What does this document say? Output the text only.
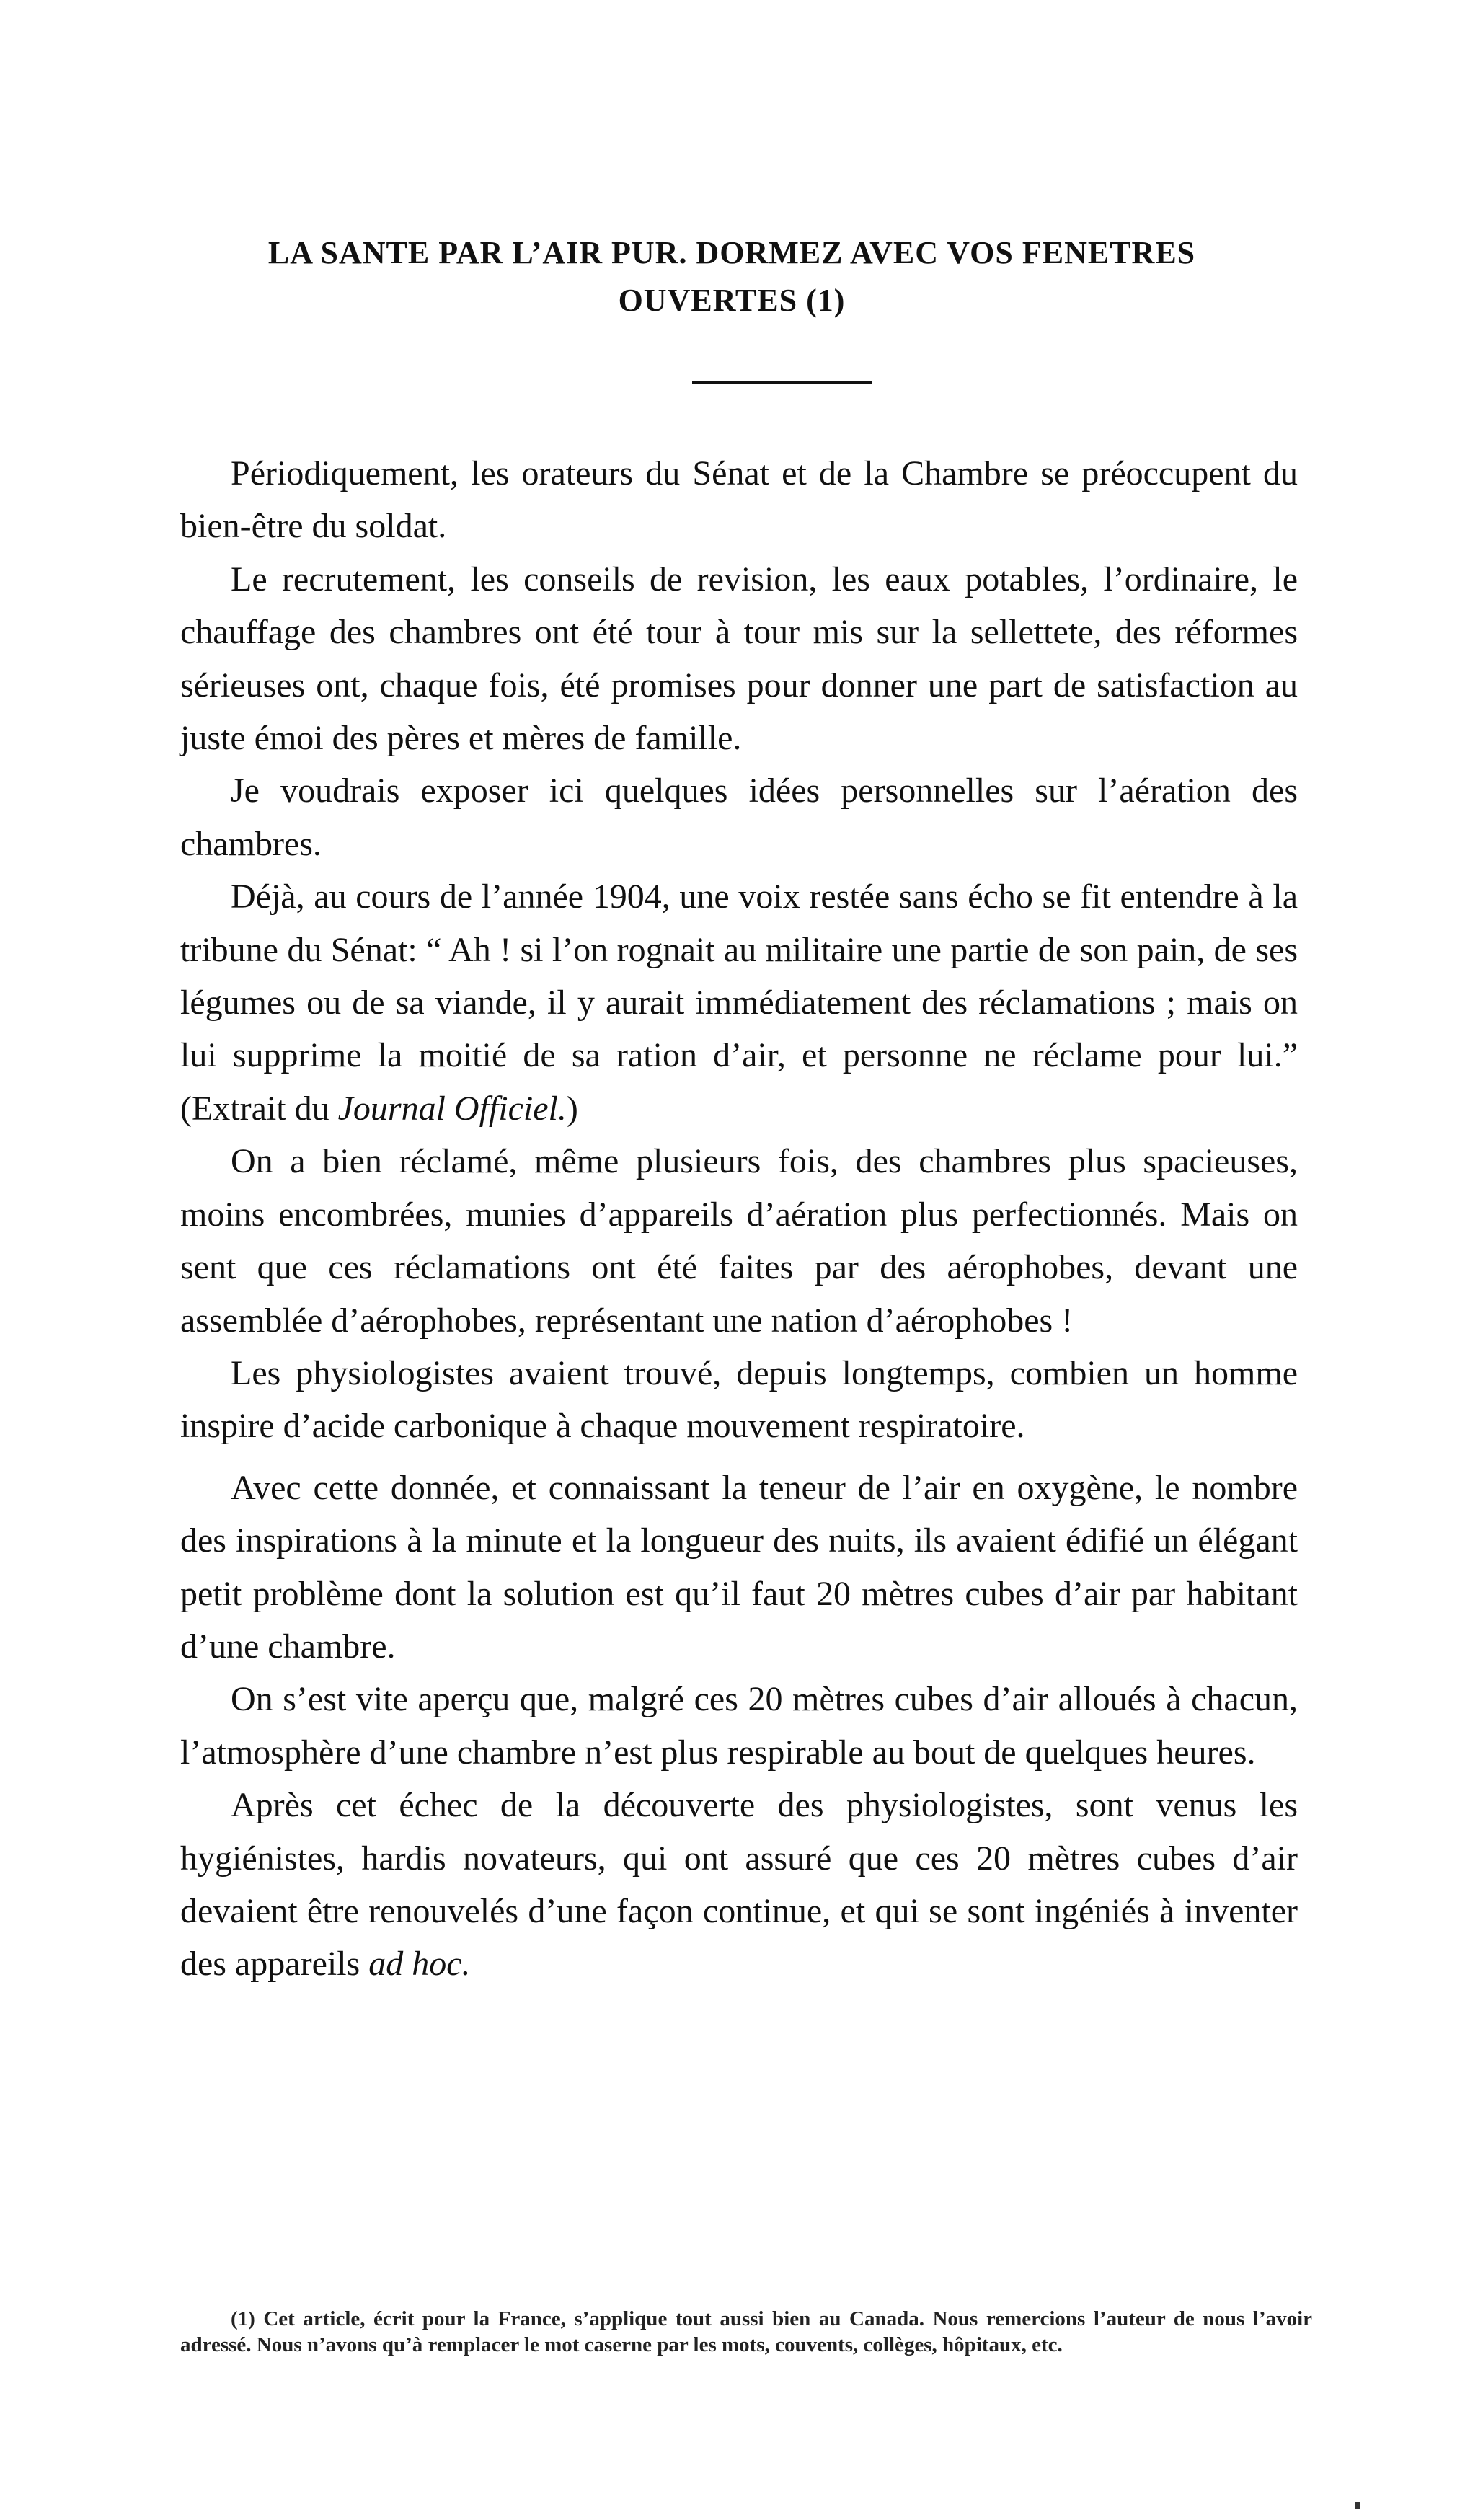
LA SANTE PAR L’AIR PUR. DORMEZ AVEC VOS FENETRES
OUVERTES (1)

Périodiquement, les orateurs du Sénat et de la Chambre se préoccupent du bien-être du soldat.

Le recrutement, les conseils de revision, les eaux potables, l’ordinaire, le chauffage des chambres ont été tour à tour mis sur la sellettete, des réformes sérieuses ont, chaque fois, été promises pour donner une part de satisfaction au juste émoi des pères et mères de famille.

Je voudrais exposer ici quelques idées personnelles sur l’aération des chambres.

Déjà, au cours de l’année 1904, une voix restée sans écho se fit entendre à la tribune du Sénat: “ Ah ! si l’on rognait au militaire une partie de son pain, de ses légumes ou de sa viande, il y aurait immédiatement des réclamations ; mais on lui supprime la moitié de sa ration d’air, et personne ne réclame pour lui.” (Extrait du Journal Officiel.)

On a bien réclamé, même plusieurs fois, des chambres plus spacieuses, moins encombrées, munies d’appareils d’aération plus perfectionnés. Mais on sent que ces réclamations ont été faites par des aérophobes, devant une assemblée d’aérophobes, représentant une nation d’aérophobes !

Les physiologistes avaient trouvé, depuis longtemps, combien un homme inspire d’acide carbonique à chaque mouvement respiratoire.

Avec cette donnée, et connaissant la teneur de l’air en oxygène, le nombre des inspirations à la minute et la longueur des nuits, ils avaient édifié un élégant petit problème dont la solution est qu’il faut 20 mètres cubes d’air par habitant d’une chambre.

On s’est vite aperçu que, malgré ces 20 mètres cubes d’air alloués à chacun, l’atmosphère d’une chambre n’est plus respirable au bout de quelques heures.

Après cet échec de la découverte des physiologistes, sont venus les hygiénistes, hardis novateurs, qui ont assuré que ces 20 mètres cubes d’air devaient être renouvelés d’une façon continue, et qui se sont ingéniés à inventer des appareils ad hoc.

(1) Cet article, écrit pour la France, s’applique tout aussi bien au Canada. Nous remercions l’auteur de nous l’avoir adressé. Nous n’avons qu’à remplacer le mot caserne par les mots, couvents, collèges, hôpitaux, etc.
